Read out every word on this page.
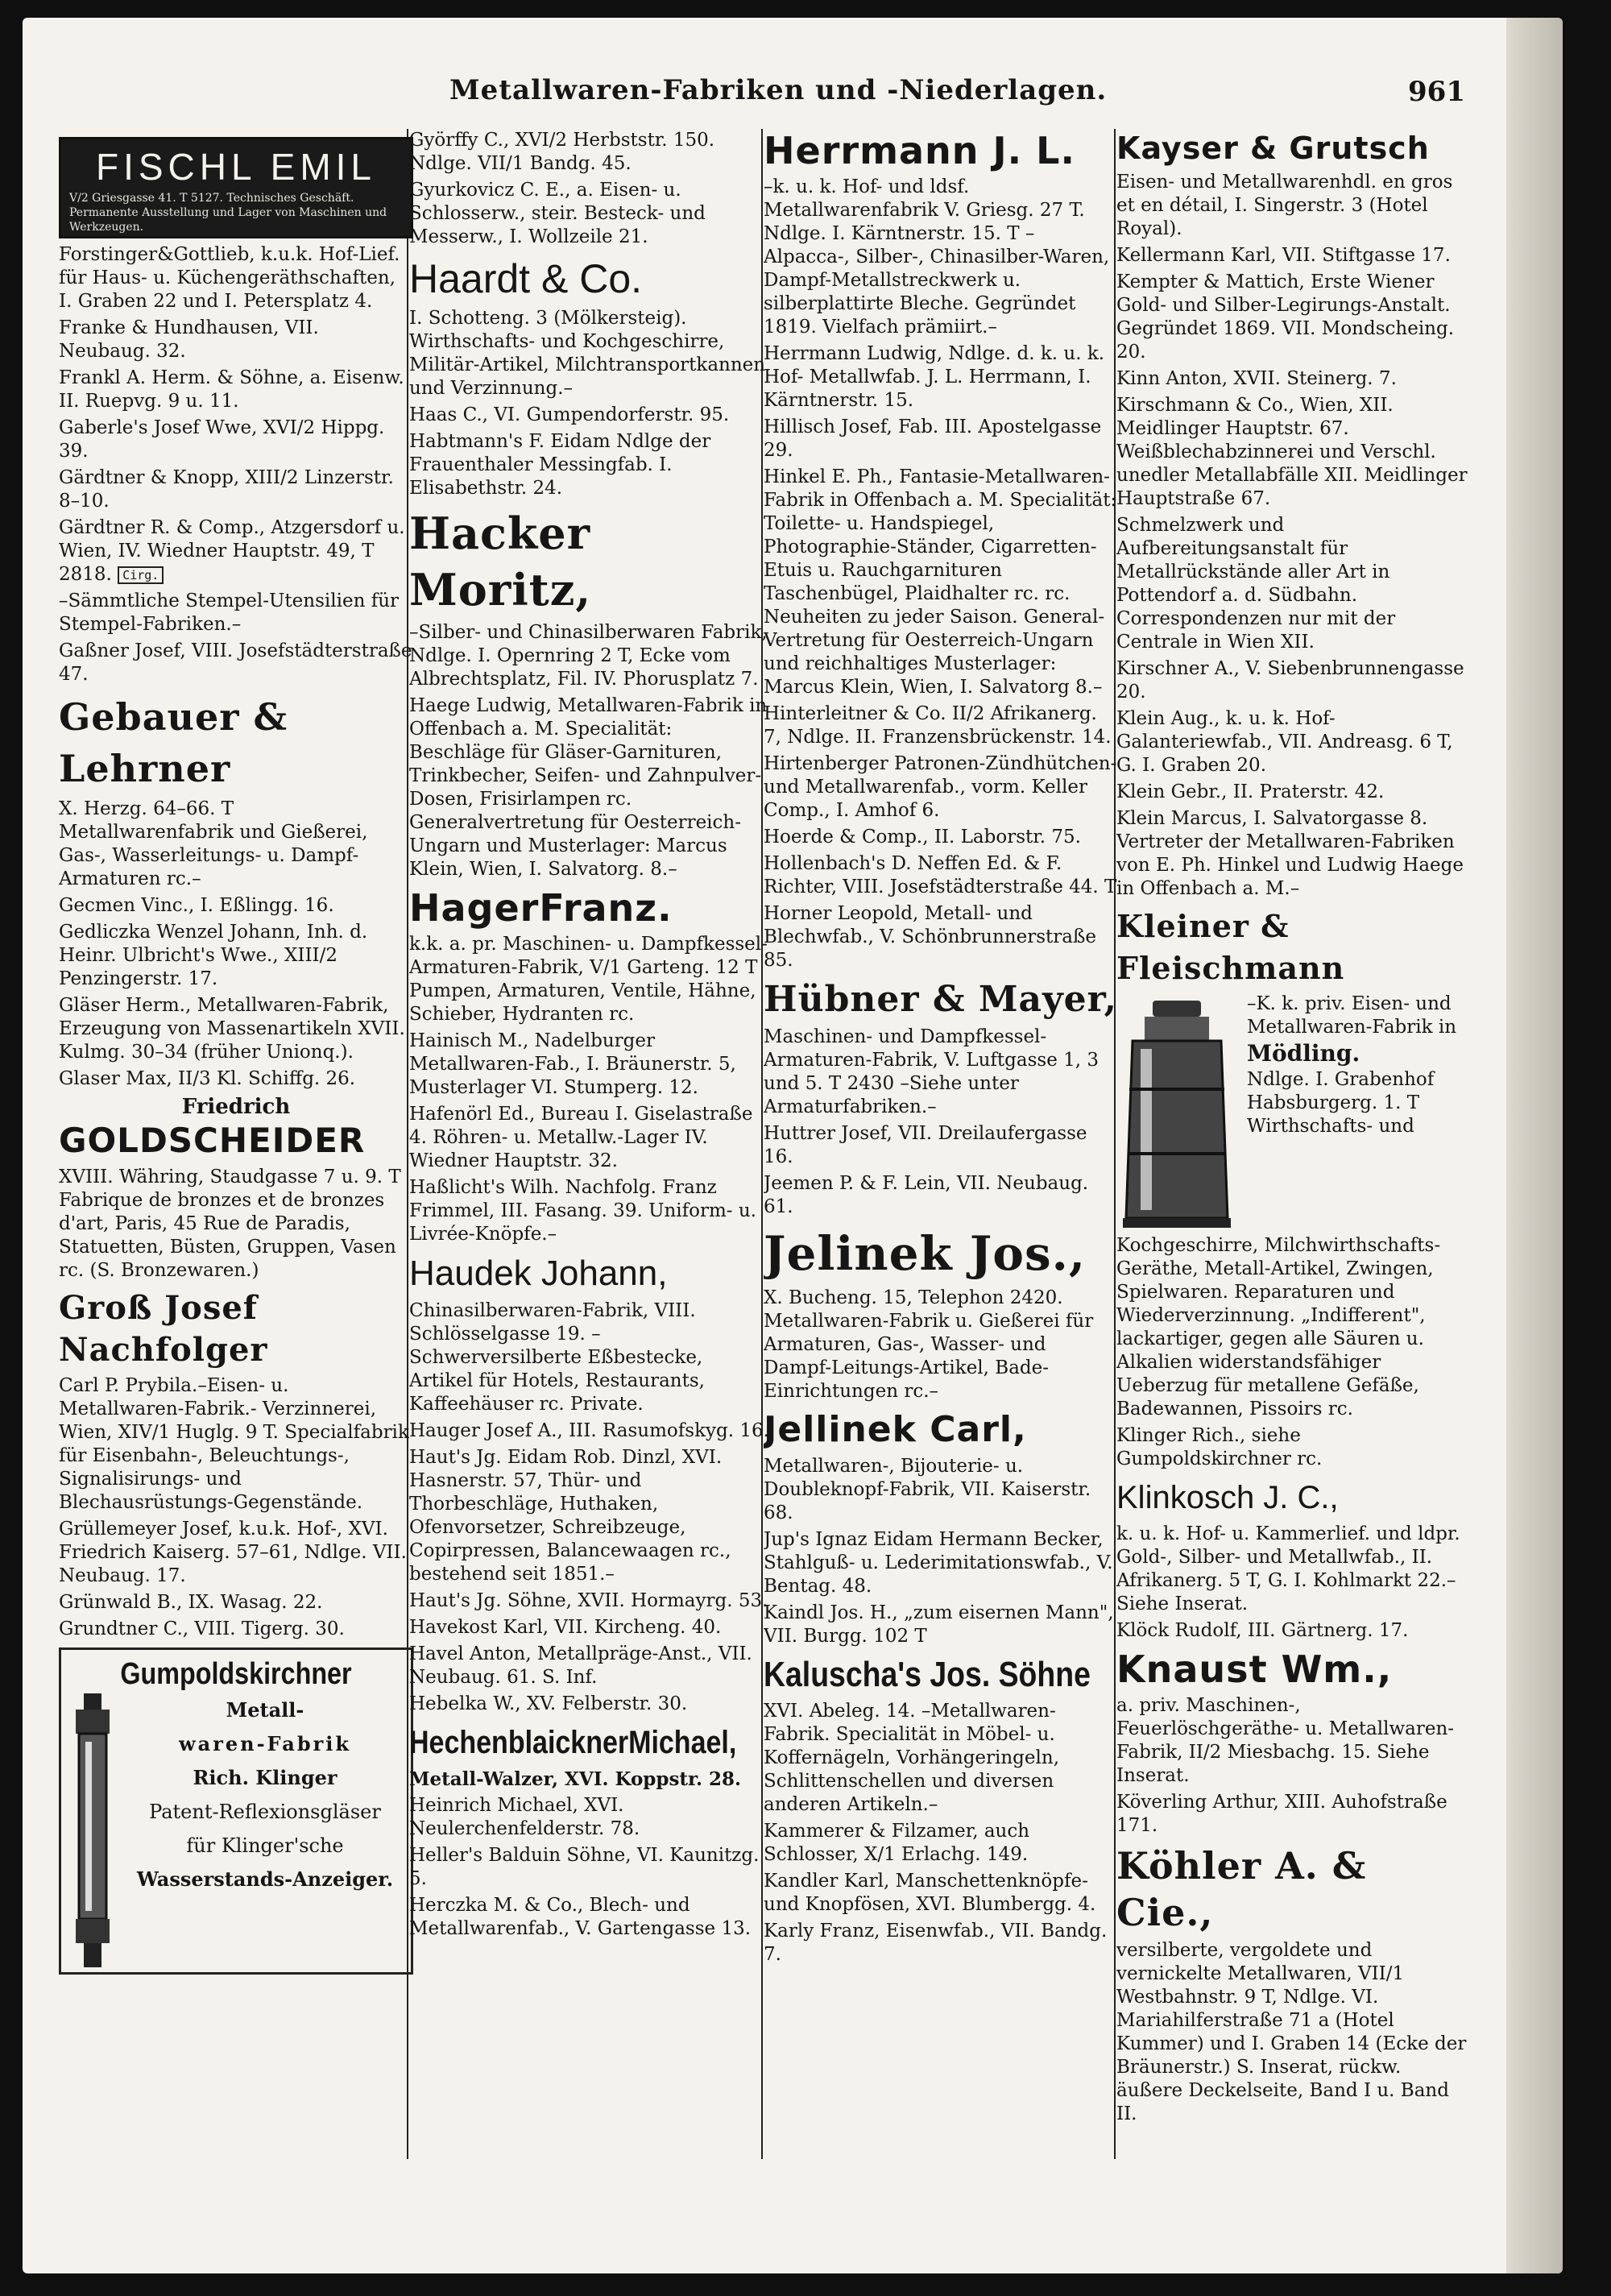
Metallwaren-Fabriken und -Niederlagen.	961
FISCHL EMIL
V/2 Griesgasse 41. T 5127. Technisches Geschäft. Permanente Ausstellung und Lager von Maschinen und Werkzeugen.
Forstinger&Gottlieb, k.u.k. Hof-Lief. für Haus- u. Küchengeräthschaften, I. Graben 22 und I. Petersplatz 4.
Franke & Hundhausen, VII. Neubaug. 32.
Frankl A. Herm. & Söhne, a. Eisenw. II. Ruepvg. 9 u. 11.
Gaberle's Josef Wwe, XVI/2 Hippg. 39.
Gärdtner & Knopp, XIII/2 Linzerstr. 8–10.
Gärdtner R. & Comp., Atzgersdorf u. Wien, IV. Wiedner Hauptstr. 49, T 2818. Cirg.
–Sämmtliche Stempel-Utensilien für Stempel-Fabriken.–
Gaßner Josef, VIII. Josefstädterstraße 47.
Gebauer & Lehrner
X. Herzg. 64–66. T Metallwarenfabrik und Gießerei, Gas-, Wasserleitungs- u. Dampf-Armaturen rc.–
Gecmen Vinc., I. Eßlingg. 16.
Gedliczka Wenzel Johann, Inh. d. Heinr. Ulbricht's Wwe., XIII/2 Penzingerstr. 17.
Gläser Herm., Metallwaren-Fabrik, Erzeugung von Massenartikeln XVII. Kulmg. 30–34 (früher Unionq.).
Glaser Max, II/3 Kl. Schiffg. 26.
Friedrich
GOLDSCHEIDER
XVIII. Währing, Staudgasse 7 u. 9. T Fabrique de bronzes et de bronzes d'art, Paris, 45 Rue de Paradis, Statuetten, Büsten, Gruppen, Vasen rc. (S. Bronzewaren.)
Groß Josef Nachfolger
Carl P. Prybila.–Eisen- u. Metallwaren-Fabrik.- Verzinnerei, Wien, XIV/1 Huglg. 9 T. Specialfabrik für Eisenbahn-, Beleuchtungs-, Signalisirungs- und Blechausrüstungs-Gegenstände.
Grüllemeyer Josef, k.u.k. Hof-, XVI. Friedrich Kaiserg. 57–61, Ndlge. VII. Neubaug. 17.
Grünwald B., IX. Wasag. 22.
Grundtner C., VIII. Tigerg. 30.
Gumpoldskirchner
Metall-
waren-Fabrik
Rich. Klinger
Patent-Reflexionsgläser
für Klinger'sche
Wasserstands-Anzeiger.
Györffy C., XVI/2 Herbststr. 150. Ndlge. VII/1 Bandg. 45.
Gyurkovicz C. E., a. Eisen- u. Schlosserw., steir. Besteck- und Messerw., I. Wollzeile 21.
Haardt & Co.
I. Schotteng. 3 (Mölkersteig). Wirthschafts- und Kochgeschirre, Militär-Artikel, Milchtransportkannen und Verzinnung.–
Haas C., VI. Gumpendorferstr. 95.
Habtmann's F. Eidam Ndlge der Frauenthaler Messingfab. I. Elisabethstr. 24.
Hacker Moritz,
–Silber- und Chinasilberwaren Fabrik, Ndlge. I. Opernring 2 T, Ecke vom Albrechtsplatz, Fil. IV. Phorusplatz 7.
Haege Ludwig, Metallwaren-Fabrik in Offenbach a. M. Specialität: Beschläge für Gläser-Garnituren, Trinkbecher, Seifen- und Zahnpulver-Dosen, Frisirlampen rc. Generalvertretung für Oesterreich-Ungarn und Musterlager: Marcus Klein, Wien, I. Salvatorg. 8.–
HagerFranz.
k.k. a. pr. Maschinen- u. Dampfkessel-Armaturen-Fabrik, V/1 Garteng. 12 T Pumpen, Armaturen, Ventile, Hähne, Schieber, Hydranten rc.
Hainisch M., Nadelburger Metallwaren-Fab., I. Bräunerstr. 5, Musterlager VI. Stumperg. 12.
Hafenörl Ed., Bureau I. Giselastraße 4. Röhren- u. Metallw.-Lager IV. Wiedner Hauptstr. 32.
Haßlicht's Wilh. Nachfolg. Franz Frimmel, III. Fasang. 39. Uniform- u. Livrée-Knöpfe.–
Haudek Johann,
Chinasilberwaren-Fabrik, VIII. Schlösselgasse 19. –Schwerversilberte Eßbestecke, Artikel für Hotels, Restaurants, Kaffeehäuser rc. Private.
Hauger Josef A., III. Rasumofskyg. 16.
Haut's Jg. Eidam Rob. Dinzl, XVI. Hasnerstr. 57, Thür- und Thorbeschläge, Huthaken, Ofenvorsetzer, Schreibzeuge, Copirpressen, Balancewaagen rc., bestehend seit 1851.–
Haut's Jg. Söhne, XVII. Hormayrg. 53.
Havekost Karl, VII. Kircheng. 40.
Havel Anton, Metallpräge-Anst., VII. Neubaug. 61. S. Inf.
Hebelka W., XV. Felberstr. 30.
HechenblaicknerMichael,
Metall-Walzer, XVI. Koppstr. 28.
Heinrich Michael, XVI. Neulerchenfelderstr. 78.
Heller's Balduin Söhne, VI. Kaunitzg. 5.
Herczka M. & Co., Blech- und Metallwarenfab., V. Gartengasse 13.
Herrmann J. L.
–k. u. k. Hof- und ldsf. Metallwarenfabrik V. Griesg. 27 T. Ndlge. I. Kärntnerstr. 15. T –Alpacca-, Silber-, Chinasilber-Waren, Dampf-Metallstreckwerk u. silberplattirte Bleche. Gegründet 1819. Vielfach prämiirt.–
Herrmann Ludwig, Ndlge. d. k. u. k. Hof- Metallwfab. J. L. Herrmann, I. Kärntnerstr. 15.
Hillisch Josef, Fab. III. Apostelgasse 29.
Hinkel E. Ph., Fantasie-Metallwaren-Fabrik in Offenbach a. M. Specialität: Toilette- u. Handspiegel, Photographie-Ständer, Cigarretten-Etuis u. Rauchgarnituren Taschenbügel, Plaidhalter rc. rc. Neuheiten zu jeder Saison. General-Vertretung für Oesterreich-Ungarn und reichhaltiges Musterlager: Marcus Klein, Wien, I. Salvatorg 8.–
Hinterleitner & Co. II/2 Afrikanerg. 7, Ndlge. II. Franzensbrückenstr. 14.
Hirtenberger Patronen-Zündhütchen- und Metallwarenfab., vorm. Keller Comp., I. Amhof 6.
Hoerde & Comp., II. Laborstr. 75.
Hollenbach's D. Neffen Ed. & F. Richter, VIII. Josefstädterstraße 44. T
Horner Leopold, Metall- und Blechwfab., V. Schönbrunnerstraße 85.
Hübner & Mayer,
Maschinen- und Dampfkessel-Armaturen-Fabrik, V. Luftgasse 1, 3 und 5. T 2430 –Siehe unter Armaturfabriken.–
Huttrer Josef, VII. Dreilaufergasse 16.
Jeemen P. & F. Lein, VII. Neubaug. 61.
Jelinek Jos.,
X. Bucheng. 15, Telephon 2420. Metallwaren-Fabrik u. Gießerei für Armaturen, Gas-, Wasser- und Dampf-Leitungs-Artikel, Bade-Einrichtungen rc.–
Jellinek Carl,
Metallwaren-, Bijouterie- u. Doubleknopf-Fabrik, VII. Kaiserstr. 68.
Jup's Ignaz Eidam Hermann Becker, Stahlguß- u. Lederimitationswfab., V. Bentag. 48.
Kaindl Jos. H., „zum eisernen Mann", VII. Burgg. 102 T
Kaluscha's Jos. Söhne
XVI. Abeleg. 14. –Metallwaren-Fabrik. Specialität in Möbel- u. Koffernägeln, Vorhängeringeln, Schlittenschellen und diversen anderen Artikeln.–
Kammerer & Filzamer, auch Schlosser, X/1 Erlachg. 149.
Kandler Karl, Manschettenknöpfe- und Knopfösen, XVI. Blumbergg. 4.
Karly Franz, Eisenwfab., VII. Bandg. 7.
Kayser & Grutsch
Eisen- und Metallwarenhdl. en gros et en détail, I. Singerstr. 3 (Hotel Royal).
Kellermann Karl, VII. Stiftgasse 17.
Kempter & Mattich, Erste Wiener Gold- und Silber-Legirungs-Anstalt. Gegründet 1869. VII. Mondscheing. 20.
Kinn Anton, XVII. Steinerg. 7.
Kirschmann & Co., Wien, XII. Meidlinger Hauptstr. 67. Weißblechabzinnerei und Verschl. unedler Metallabfälle XII. Meidlinger Hauptstraße 67.
Schmelzwerk und Aufbereitungsanstalt für Metallrückstände aller Art in Pottendorf a. d. Südbahn. Correspondenzen nur mit der Centrale in Wien XII.
Kirschner A., V. Siebenbrunnengasse 20.
Klein Aug., k. u. k. Hof-Galanteriewfab., VII. Andreasg. 6 T, G. I. Graben 20.
Klein Gebr., II. Praterstr. 42.
Klein Marcus, I. Salvatorgasse 8. Vertreter der Metallwaren-Fabriken von E. Ph. Hinkel und Ludwig Haege in Offenbach a. M.–
Kleiner & Fleischmann
–K. k. priv. Eisen- und Metallwaren-Fabrik in
Mödling.
Ndlge. I. Grabenhof Habsburgerg. 1. T Wirthschafts- und
Kochgeschirre, Milchwirthschafts-Geräthe, Metall-Artikel, Zwingen, Spielwaren. Reparaturen und Wiederverzinnung. „Indifferent", lackartiger, gegen alle Säuren u. Alkalien widerstandsfähiger Ueberzug für metallene Gefäße, Badewannen, Pissoirs rc.
Klinger Rich., siehe Gumpoldskirchner rc.
Klinkosch J. C.,
k. u. k. Hof- u. Kammerlief. und ldpr. Gold-, Silber- und Metallwfab., II. Afrikanerg. 5 T, G. I. Kohlmarkt 22.– Siehe Inserat.
Klöck Rudolf, III. Gärtnerg. 17.
Knaust Wm.,
a. priv. Maschinen-, Feuerlöschgeräthe- u. Metallwaren-Fabrik, II/2 Miesbachg. 15. Siehe Inserat.
Köverling Arthur, XIII. Auhofstraße 171.
Köhler A. & Cie.,
versilberte, vergoldete und vernickelte Metallwaren, VII/1 Westbahnstr. 9 T, Ndlge. VI. Mariahilferstraße 71 a (Hotel Kummer) und I. Graben 14 (Ecke der Bräunerstr.) S. Inserat, rückw. äußere Deckelseite, Band I u. Band II.
